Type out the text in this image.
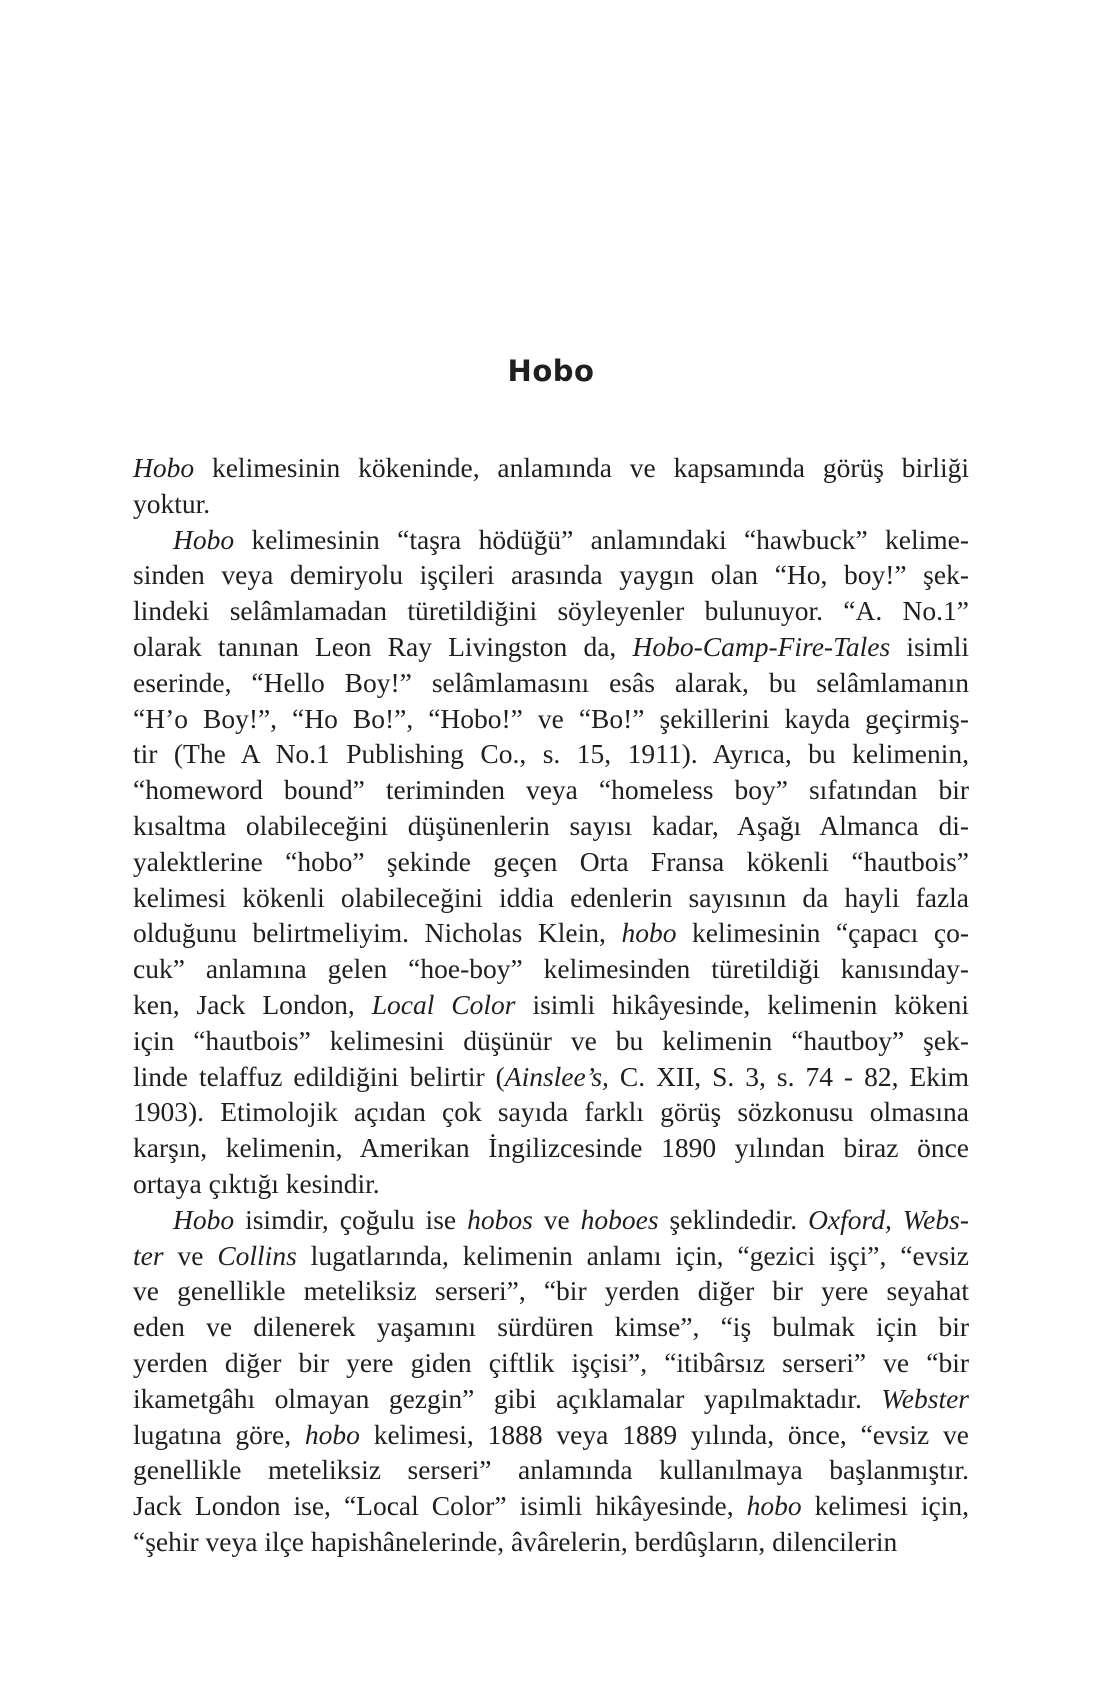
Hobo
Hobo kelimesinin kökeninde, anlamında ve kapsamında görüş birliği
yoktur.
Hobo kelimesinin “taşra hödüğü” anlamındaki “hawbuck” kelime-
sinden veya demiryolu işçileri arasında yaygın olan “Ho, boy!” şek-
lindeki selâmlamadan türetildiğini söyleyenler bulunuyor. “A. No.1”
olarak tanınan Leon Ray Livingston da, Hobo-Camp-Fire-Tales isimli
eserinde, “Hello Boy!” selâmlamasını esâs alarak, bu selâmlamanın
“H’o Boy!”, “Ho Bo!”, “Hobo!” ve “Bo!” şekillerini kayda geçirmiş-
tir (The A No.1 Publishing Co., s. 15, 1911). Ayrıca, bu kelimenin,
“homeword bound” teriminden veya “homeless boy” sıfatından bir
kısaltma olabileceğini düşünenlerin sayısı kadar, Aşağı Almanca di-
yalektlerine “hobo” şekinde geçen Orta Fransa kökenli “hautbois”
kelimesi kökenli olabileceğini iddia edenlerin sayısının da hayli fazla
olduğunu belirtmeliyim. Nicholas Klein, hobo kelimesinin “çapacı ço-
cuk” anlamına gelen “hoe-boy” kelimesinden türetildiği kanısınday-
ken, Jack London, Local Color isimli hikâyesinde, kelimenin kökeni
için “hautbois” kelimesini düşünür ve bu kelimenin “hautboy” şek-
linde telaffuz edildiğini belirtir (Ainslee’s, C. XII, S. 3, s. 74 - 82, Ekim
1903). Etimolojik açıdan çok sayıda farklı görüş sözkonusu olmasına
karşın, kelimenin, Amerikan İngilizcesinde 1890 yılından biraz önce
ortaya çıktığı kesindir.
Hobo isimdir, çoğulu ise hobos ve hoboes şeklindedir. Oxford, Webs-
ter ve Collins lugatlarında, kelimenin anlamı için, “gezici işçi”, “evsiz
ve genellikle meteliksiz serseri”, “bir yerden diğer bir yere seyahat
eden ve dilenerek yaşamını sürdüren kimse”, “iş bulmak için bir
yerden diğer bir yere giden çiftlik işçisi”, “itibârsız serseri” ve “bir
ikametgâhı olmayan gezgin” gibi açıklamalar yapılmaktadır. Webster
lugatına göre, hobo kelimesi, 1888 veya 1889 yılında, önce, “evsiz ve
genellikle meteliksiz serseri” anlamında kullanılmaya başlanmıştır.
Jack London ise, “Local Color” isimli hikâyesinde, hobo kelimesi için,
“şehir veya ilçe hapishânelerinde, âvârelerin, berdûşların, dilencilerin
